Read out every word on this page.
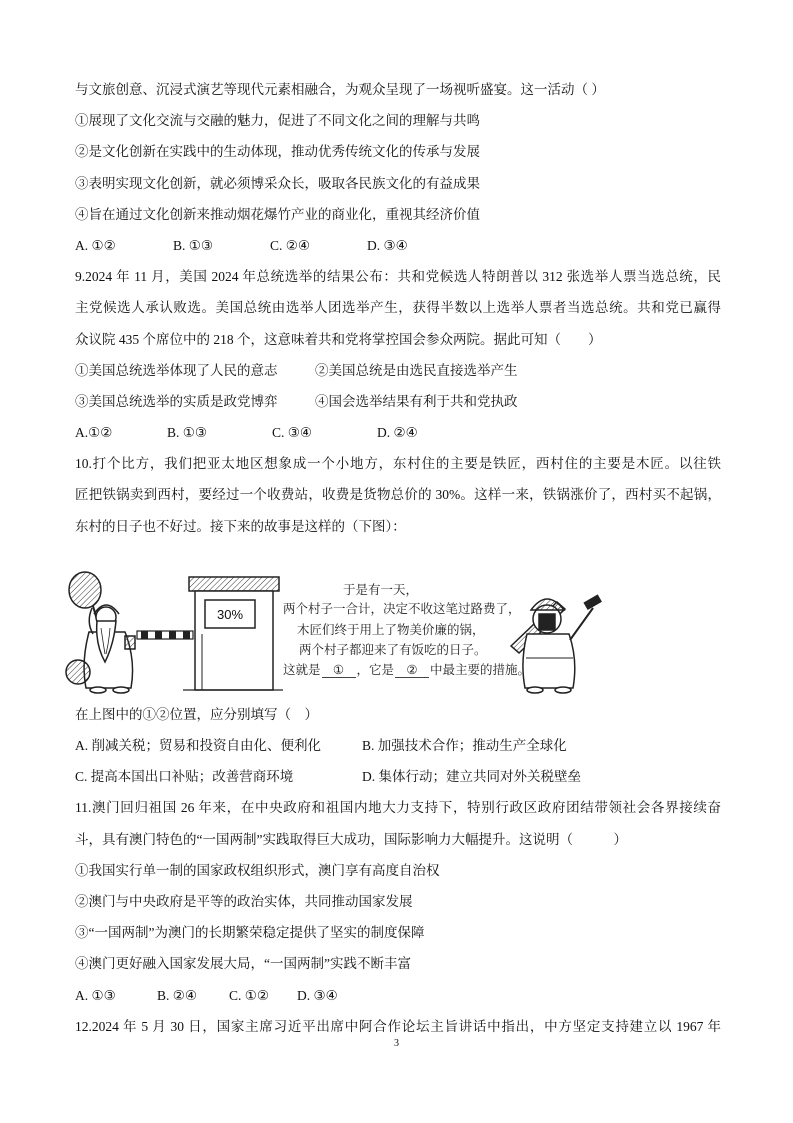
与文旅创意、沉浸式演艺等现代元素相融合，为观众呈现了一场视听盛宴。这一活动（ ）
①展现了文化交流与交融的魅力，促进了不同文化之间的理解与共鸣
②是文化创新在实践中的生动体现，推动优秀传统文化的传承与发展
③表明实现文化创新，就必须博采众长，吸取各民族文化的有益成果
④旨在通过文化创新来推动烟花爆竹产业的商业化，重视其经济价值
A. ①②	B. ①③	C. ②④	D. ③④
9.2024 年 11 月，美国 2024 年总统选举的结果公布：共和党候选人特朗普以 312 张选举人票当选总统，民
主党候选人承认败选。美国总统由选举人团选举产生，获得半数以上选举人票者当选总统。共和党已赢得
众议院 435 个席位中的 218 个，这意味着共和党将掌控国会参众两院。据此可知（　　）
①美国总统选举体现了人民的意志	②美国总统是由选民直接选举产生
③美国总统选举的实质是政党博弈	④国会选举结果有利于共和党执政
A.①②	B. ①③	C. ③④	D. ②④
10.打个比方，我们把亚太地区想象成一个小地方，东村住的主要是铁匠，西村住的主要是木匠。以往铁
匠把铁锅卖到西村，要经过一个收费站，收费是货物总价的 30%。这样一来，铁锅涨价了，西村买不起锅，
东村的日子也不好过。接下来的故事是这样的（下图）：
30%
于是有一天，
两个村子一合计，决定不收这笔过路费了，
木匠们终于用上了物美价廉的锅，
两个村子都迎来了有饭吃的日子。
这就是 ① ，它是 ② 中最主要的措施。
在上图中的①②位置，应分别填写（　）
A. 削减关税；贸易和投资自由化、便利化	B. 加强技术合作；推动生产全球化
C. 提高本国出口补贴；改善营商环境	D. 集体行动；建立共同对外关税壁垒
11.澳门回归祖国 26 年来，在中央政府和祖国内地大力支持下，特别行政区政府团结带领社会各界接续奋
斗，具有澳门特色的“一国两制”实践取得巨大成功，国际影响力大幅提升。这说明（　　　）
①我国实行单一制的国家政权组织形式，澳门享有高度自治权
②澳门与中央政府是平等的政治实体，共同推动国家发展
③“一国两制”为澳门的长期繁荣稳定提供了坚实的制度保障
④澳门更好融入国家发展大局，“一国两制”实践不断丰富
A. ①③	B. ②④ C. ①② D. ③④
12.2024 年 5 月 30 日，国家主席习近平出席中阿合作论坛主旨讲话中指出，中方坚定支持建立以 1967 年
3
